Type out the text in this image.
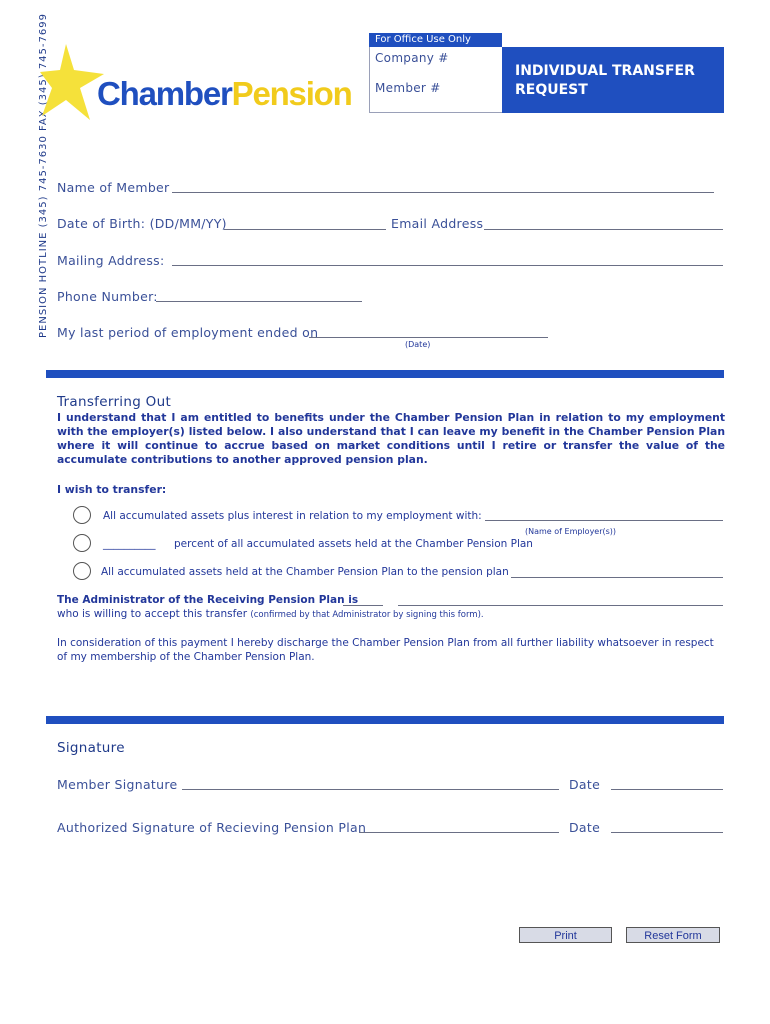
PENSION HOTLINE (345) 745-7630 FAX (345) 745-7699 ChamberPension
For Office Use Only
Company #
Member #
INDIVIDUAL TRANSFER
REQUEST
Name of Member
Date of Birth: (DD/MM/YY)	Email Address
Mailing Address:
Phone Number:
My last period of employment ended on
(Date)
Transferring Out
I understand that I am entitled to benefits under the Chamber Pension Plan in relation to my employment with the employer(s) listed below. I also understand that I can leave my benefit in the Chamber Pension Plan where it will continue to accrue based on market conditions until I retire or transfer the value of the accumulate contributions to another approved pension plan.
I wish to transfer:
All accumulated assets plus interest in relation to my employment with:
(Name of Employer(s))
__________ percent of all accumulated assets held at the Chamber Pension Plan
All accumulated assets held at the Chamber Pension Plan to the pension plan
The Administrator of the Receiving Pension Plan is
who is willing to accept this transfer (confirmed by that Administrator by signing this form).
In consideration of this payment I hereby discharge the Chamber Pension Plan from all further liability whatsoever in respect of my membership of the Chamber Pension Plan.
Signature
Member Signature	Date
Authorized Signature of Recieving Pension Plan	Date
Print	Reset Form
